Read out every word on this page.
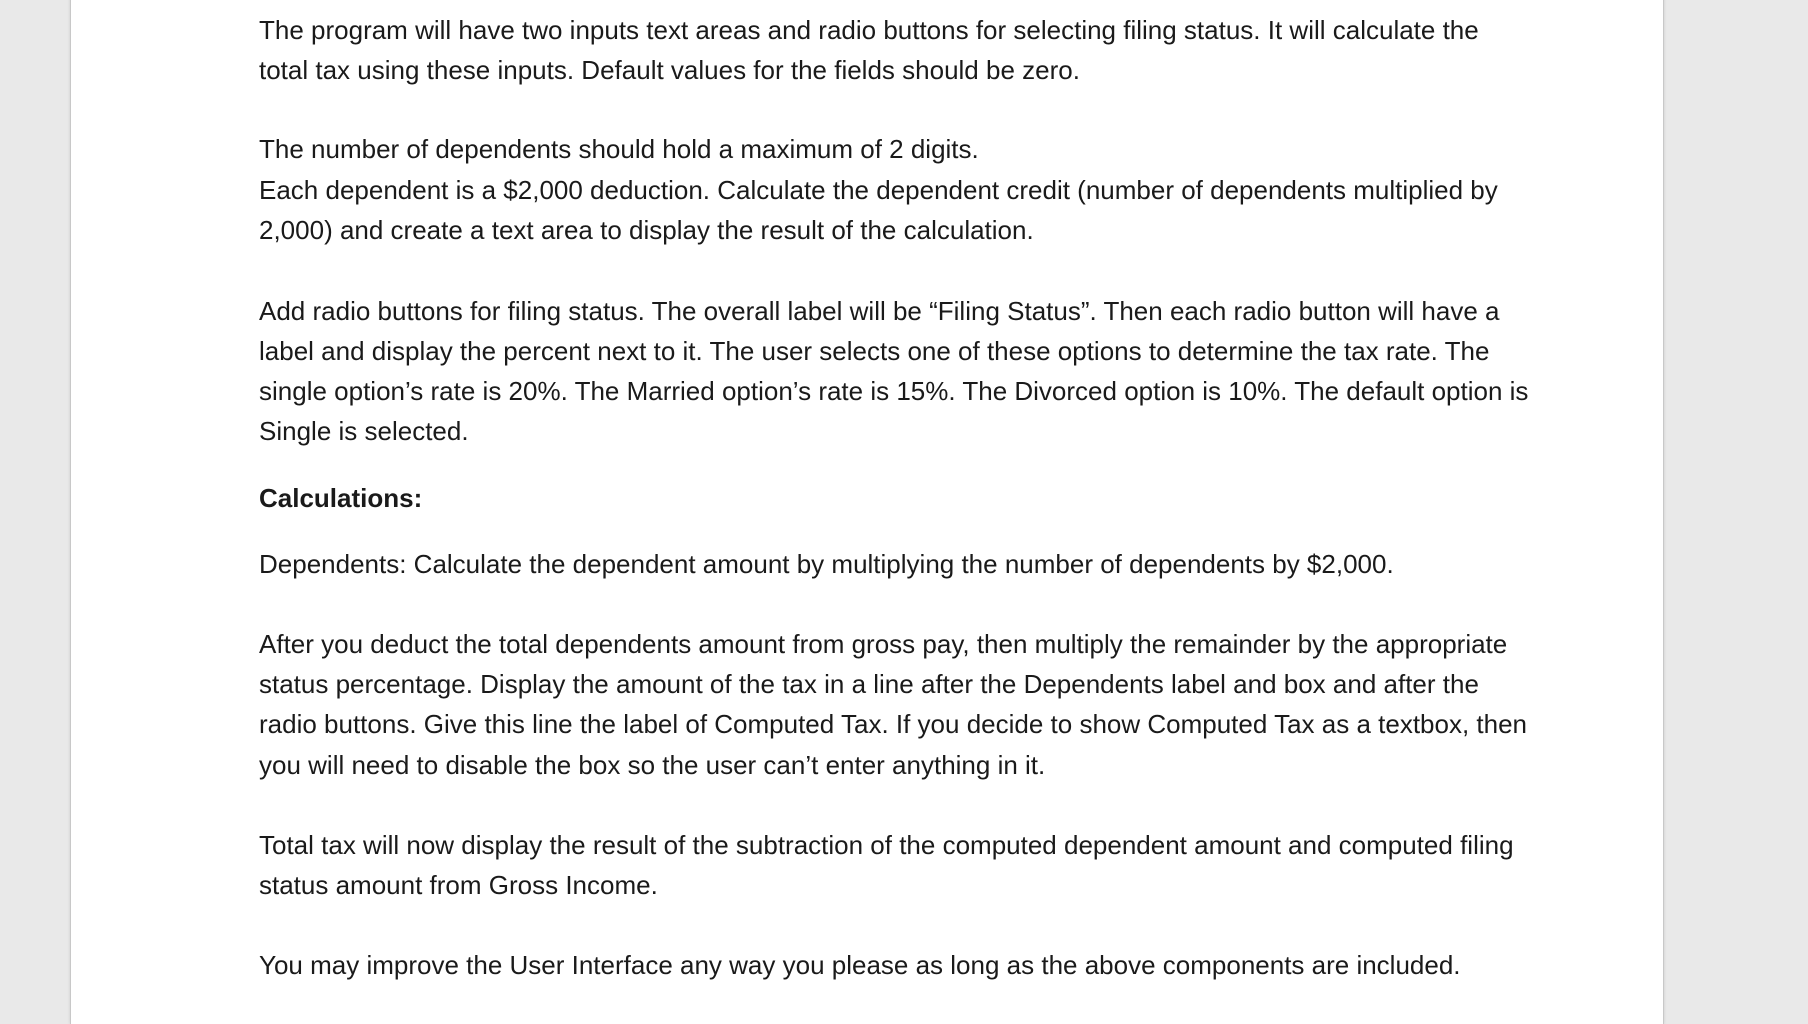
The program will have two inputs text areas and radio buttons for selecting filing status. It will calculate the
total tax using these inputs. Default values for the fields should be zero.
The number of dependents should hold a maximum of 2 digits.
Each dependent is a $2,000 deduction. Calculate the dependent credit (number of dependents multiplied by
2,000) and create a text area to display the result of the calculation.
Add radio buttons for filing status. The overall label will be “Filing Status”. Then each radio button will have a
label and display the percent next to it. The user selects one of these options to determine the tax rate. The
single option’s rate is 20%. The Married option’s rate is 15%. The Divorced option is 10%. The default option is
Single is selected.
Calculations:
Dependents: Calculate the dependent amount by multiplying the number of dependents by $2,000.
After you deduct the total dependents amount from gross pay, then multiply the remainder by the appropriate
status percentage. Display the amount of the tax in a line after the Dependents label and box and after the
radio buttons. Give this line the label of Computed Tax. If you decide to show Computed Tax as a textbox, then
you will need to disable the box so the user can’t enter anything in it.
Total tax will now display the result of the subtraction of the computed dependent amount and computed filing
status amount from Gross Income.
You may improve the User Interface any way you please as long as the above components are included.
